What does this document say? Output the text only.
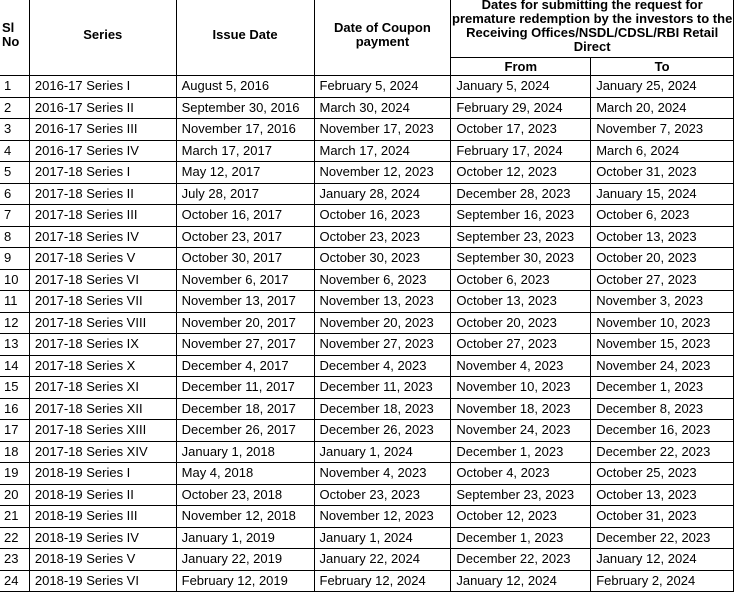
Sl No	Series	Issue Date	Date of Coupon payment	Dates for submitting the request for premature redemption by the investors to the Receiving Offices/NSDL/CDSL/RBI Retail Direct	
				From	To
1	2016-17 Series I	August 5, 2016	February 5, 2024	January 5, 2024	January 25, 2024
2	2016-17 Series II	September 30, 2016	March 30, 2024	February 29, 2024	March 20, 2024
3	2016-17 Series III	November 17, 2016	November 17, 2023	October 17, 2023	November 7, 2023
4	2016-17 Series IV	March 17, 2017	March 17, 2024	February 17, 2024	March 6, 2024
5	2017-18 Series I	May 12, 2017	November 12, 2023	October 12, 2023	October 31, 2023
6	2017-18 Series II	July 28, 2017	January 28, 2024	December 28, 2023	January 15, 2024
7	2017-18 Series III	October 16, 2017	October 16, 2023	September 16, 2023	October 6, 2023
8	2017-18 Series IV	October 23, 2017	October 23, 2023	September 23, 2023	October 13, 2023
9	2017-18 Series V	October 30, 2017	October 30, 2023	September 30, 2023	October 20, 2023
10	2017-18 Series VI	November 6, 2017	November 6, 2023	October 6, 2023	October 27, 2023
11	2017-18 Series VII	November 13, 2017	November 13, 2023	October 13, 2023	November 3, 2023
12	2017-18 Series VIII	November 20, 2017	November 20, 2023	October 20, 2023	November 10, 2023
13	2017-18 Series IX	November 27, 2017	November 27, 2023	October 27, 2023	November 15, 2023
14	2017-18 Series X	December 4, 2017	December 4, 2023	November 4, 2023	November 24, 2023
15	2017-18 Series XI	December 11, 2017	December 11, 2023	November 10, 2023	December 1, 2023
16	2017-18 Series XII	December 18, 2017	December 18, 2023	November 18, 2023	December 8, 2023
17	2017-18 Series XIII	December 26, 2017	December 26, 2023	November 24, 2023	December 16, 2023
18	2017-18 Series XIV	January 1, 2018	January 1, 2024	December 1, 2023	December 22, 2023
19	2018-19 Series I	May 4, 2018	November 4, 2023	October 4, 2023	October 25, 2023
20	2018-19 Series II	October 23, 2018	October 23, 2023	September 23, 2023	October 13, 2023
21	2018-19 Series III	November 12, 2018	November 12, 2023	October 12, 2023	October 31, 2023
22	2018-19 Series IV	January 1, 2019	January 1, 2024	December 1, 2023	December 22, 2023
23	2018-19 Series V	January 22, 2019	January 22, 2024	December 22, 2023	January 12, 2024
24	2018-19 Series VI	February 12, 2019	February 12, 2024	January 12, 2024	February 2, 2024
